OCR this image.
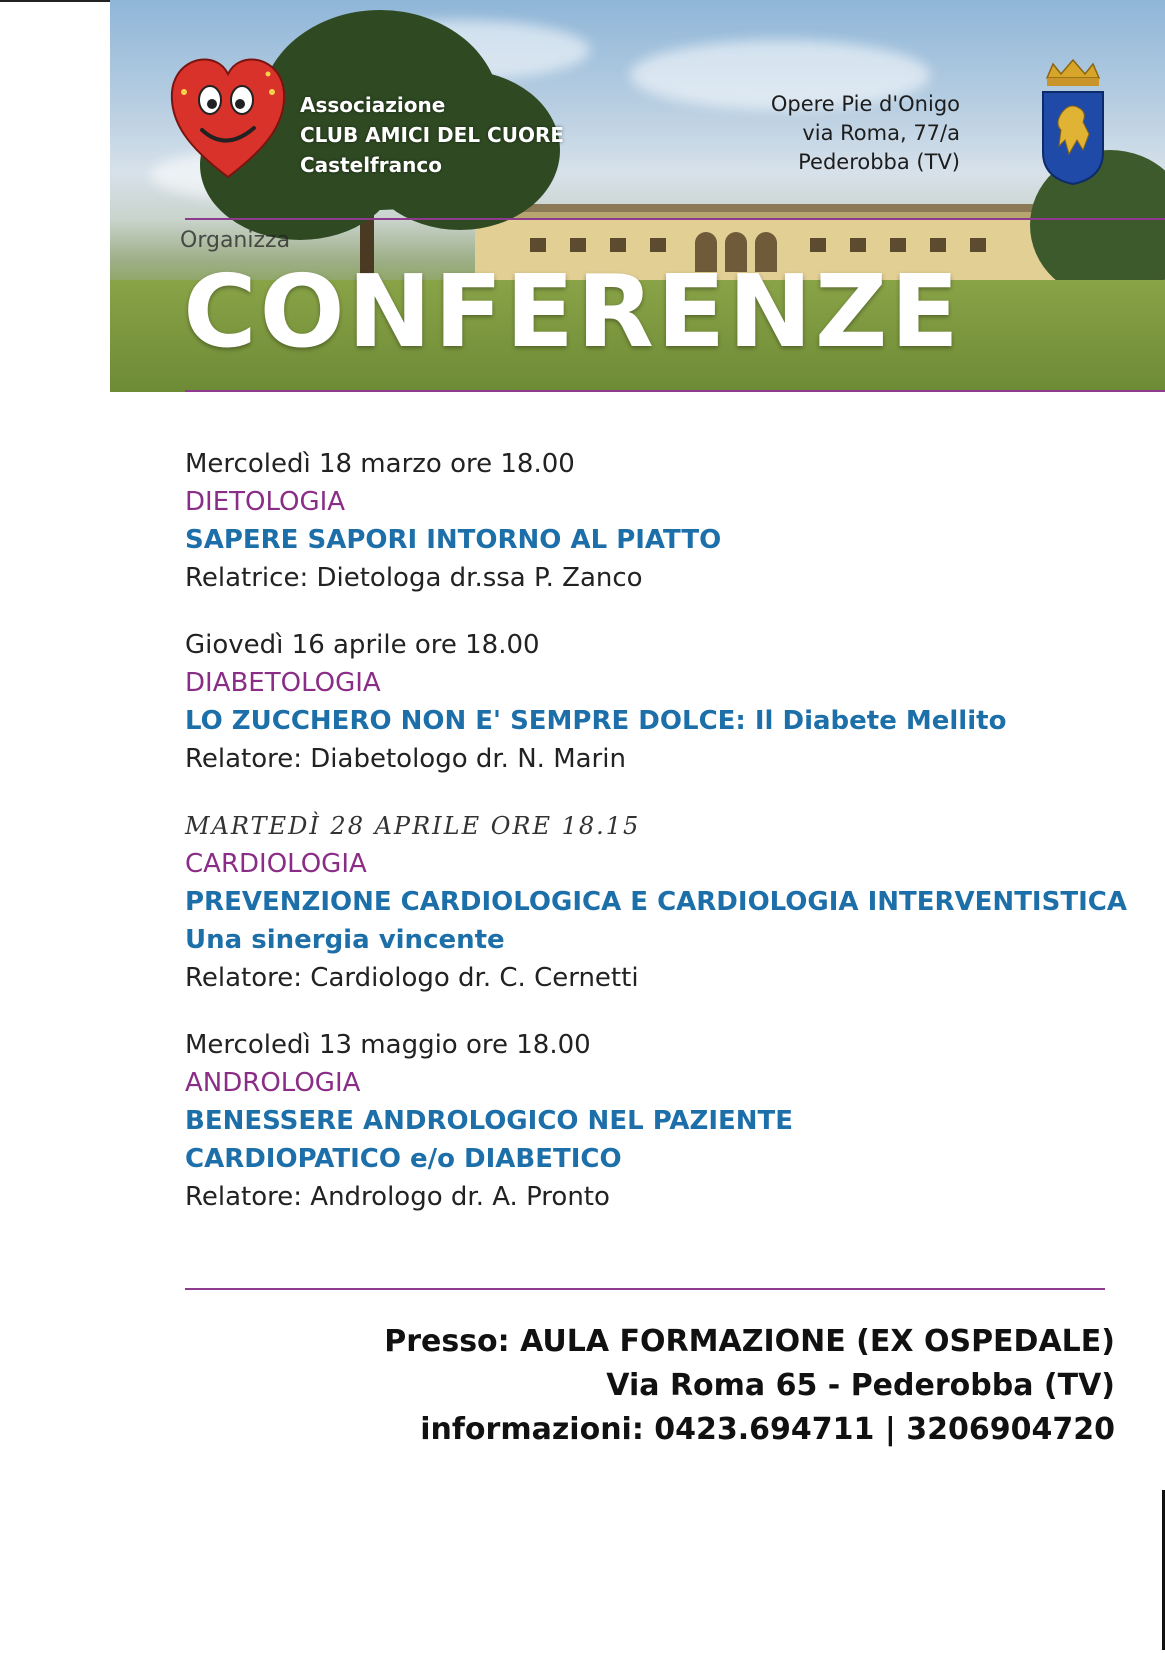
Associazione
CLUB AMICI DEL CUORE
Castelfranco
Opere Pie d'Onigo
via Roma, 77/a
Pederobba (TV)
Organizza
CONFERENZE
Mercoledì 18 marzo ore 18.00
DIETOLOGIA
SAPERE SAPORI INTORNO AL PIATTO
Relatrice: Dietologa dr.ssa P. Zanco
Giovedì 16 aprile ore 18.00
DIABETOLOGIA
LO ZUCCHERO NON E' SEMPRE DOLCE: Il Diabete Mellito
Relatore: Diabetologo dr. N. Marin
MARTEDÌ 28 APRILE ORE 18.15
CARDIOLOGIA
PREVENZIONE CARDIOLOGICA E CARDIOLOGIA INTERVENTISTICA
Una sinergia vincente
Relatore: Cardiologo dr. C. Cernetti
Mercoledì 13 maggio ore 18.00
ANDROLOGIA
BENESSERE ANDROLOGICO NEL PAZIENTE
CARDIOPATICO e/o DIABETICO
Relatore: Andrologo dr. A. Pronto
Presso: AULA FORMAZIONE (EX OSPEDALE)
Via Roma 65 - Pederobba (TV)
informazioni: 0423.694711 | 3206904720
